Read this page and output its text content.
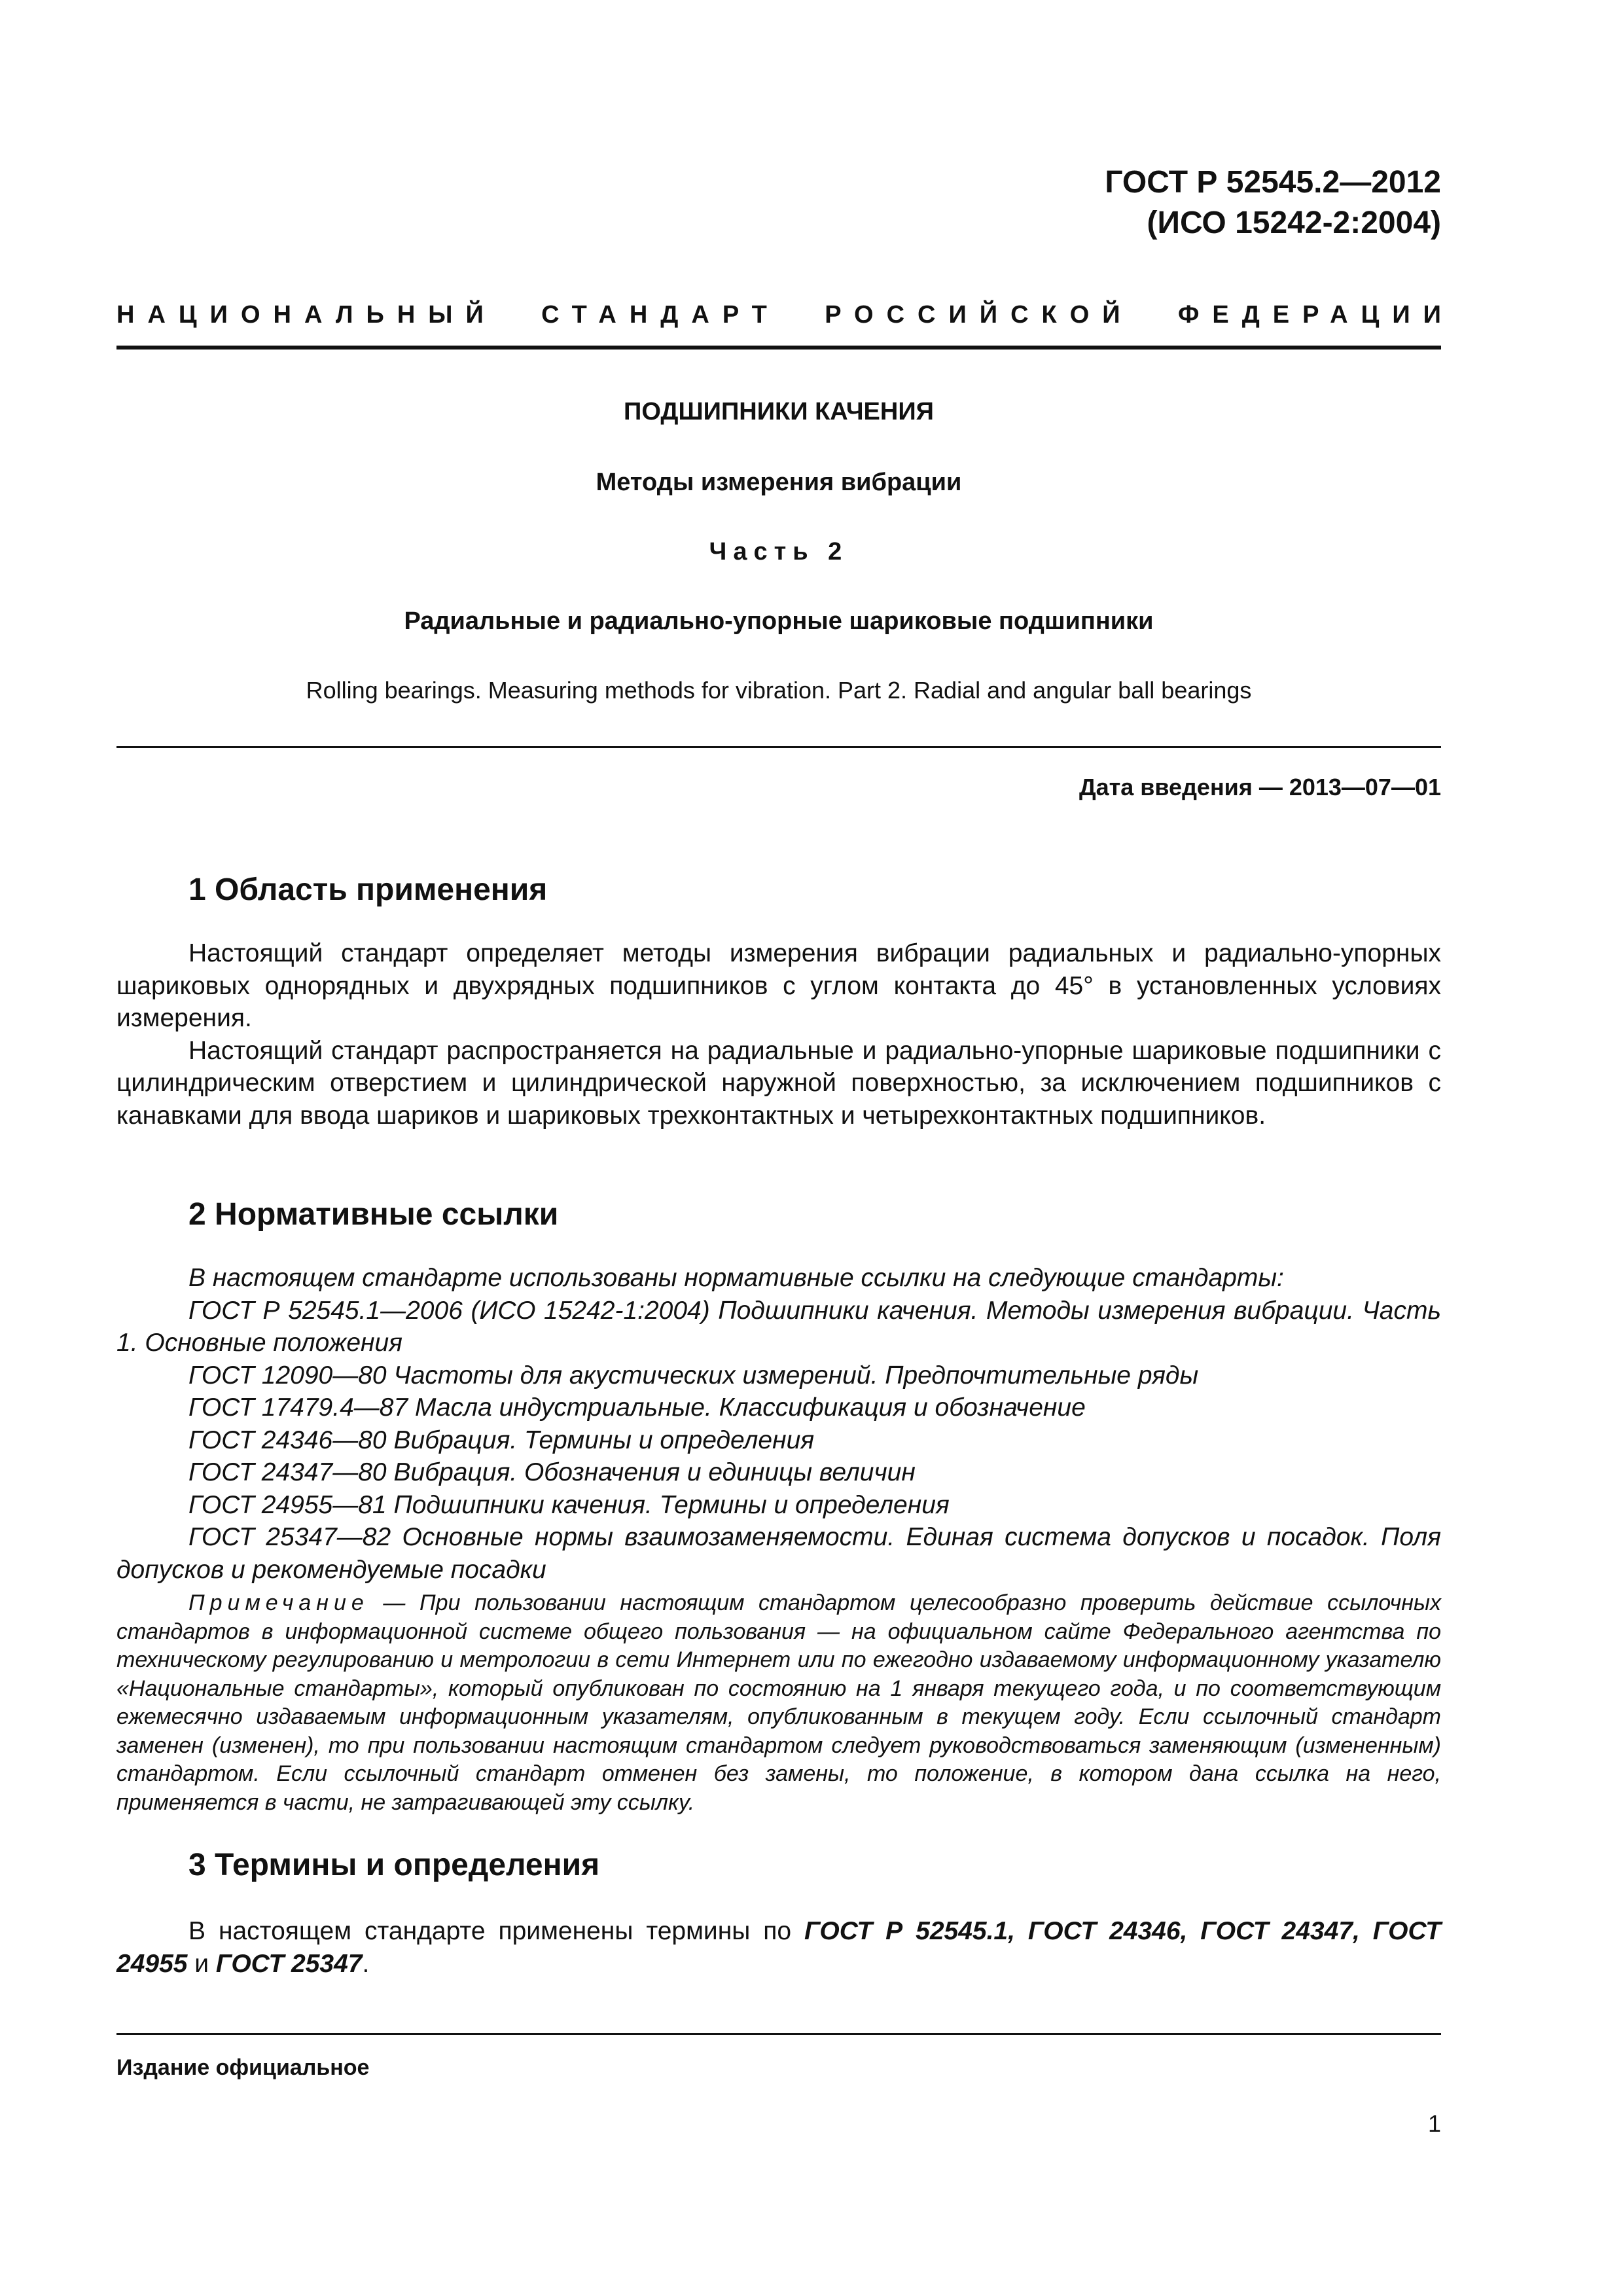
ГОСТ Р 52545.2—2012
(ИСО 15242-2:2004)
НАЦИОНАЛЬНЫЙ СТАНДАРТ РОССИЙСКОЙ ФЕДЕРАЦИИ
ПОДШИПНИКИ КАЧЕНИЯ
Методы измерения вибрации
Часть 2
Радиальные и радиально-упорные шариковые подшипники
Rolling bearings. Measuring methods for vibration. Part 2. Radial and angular ball bearings
Дата введения — 2013—07—01
1 Область применения

Настоящий стандарт определяет методы измерения вибрации радиальных и радиально-упорных шариковых однорядных и двухрядных подшипников с углом контакта до 45° в установленных условиях измерения.

Настоящий стандарт распространяется на радиальные и радиально-упорные шариковые подшипники с цилиндрическим отверстием и цилиндрической наружной поверхностью, за исключением подшипников с канавками для ввода шариков и шариковых трехконтактных и четырехконтактных подшипников.

2 Нормативные ссылки

В настоящем стандарте использованы нормативные ссылки на следующие стандарты:

ГОСТ Р 52545.1—2006 (ИСО 15242-1:2004) Подшипники качения. Методы измерения вибрации. Часть 1. Основные положения

ГОСТ 12090—80 Частоты для акустических измерений. Предпочтительные ряды

ГОСТ 17479.4—87 Масла индустриальные. Классификация и обозначение

ГОСТ 24346—80 Вибрация. Термины и определения

ГОСТ 24347—80 Вибрация. Обозначения и единицы величин

ГОСТ 24955—81 Подшипники качения. Термины и определения

ГОСТ 25347—82 Основные нормы взаимозаменяемости. Единая система допусков и посадок. Поля допусков и рекомендуемые посадки

Примечание — При пользовании настоящим стандартом целесообразно проверить действие ссылочных стандартов в информационной системе общего пользования — на официальном сайте Федерального агентства по техническому регулированию и метрологии в сети Интернет или по ежегодно издаваемому информационному указателю «Национальные стандарты», который опубликован по состоянию на 1 января текущего года, и по соответствующим ежемесячно издаваемым информационным указателям, опубликованным в текущем году. Если ссылочный стандарт заменен (изменен), то при пользовании настоящим стандартом следует руководствоваться заменяющим (измененным) стандартом. Если ссылочный стандарт отменен без замены, то положение, в котором дана ссылка на него, применяется в части, не затрагивающей эту ссылку.

3 Термины и определения

В настоящем стандарте применены термины по ГОСТ Р 52545.1, ГОСТ 24346, ГОСТ 24347, ГОСТ 24955 и ГОСТ 25347.

Издание официальное
1
